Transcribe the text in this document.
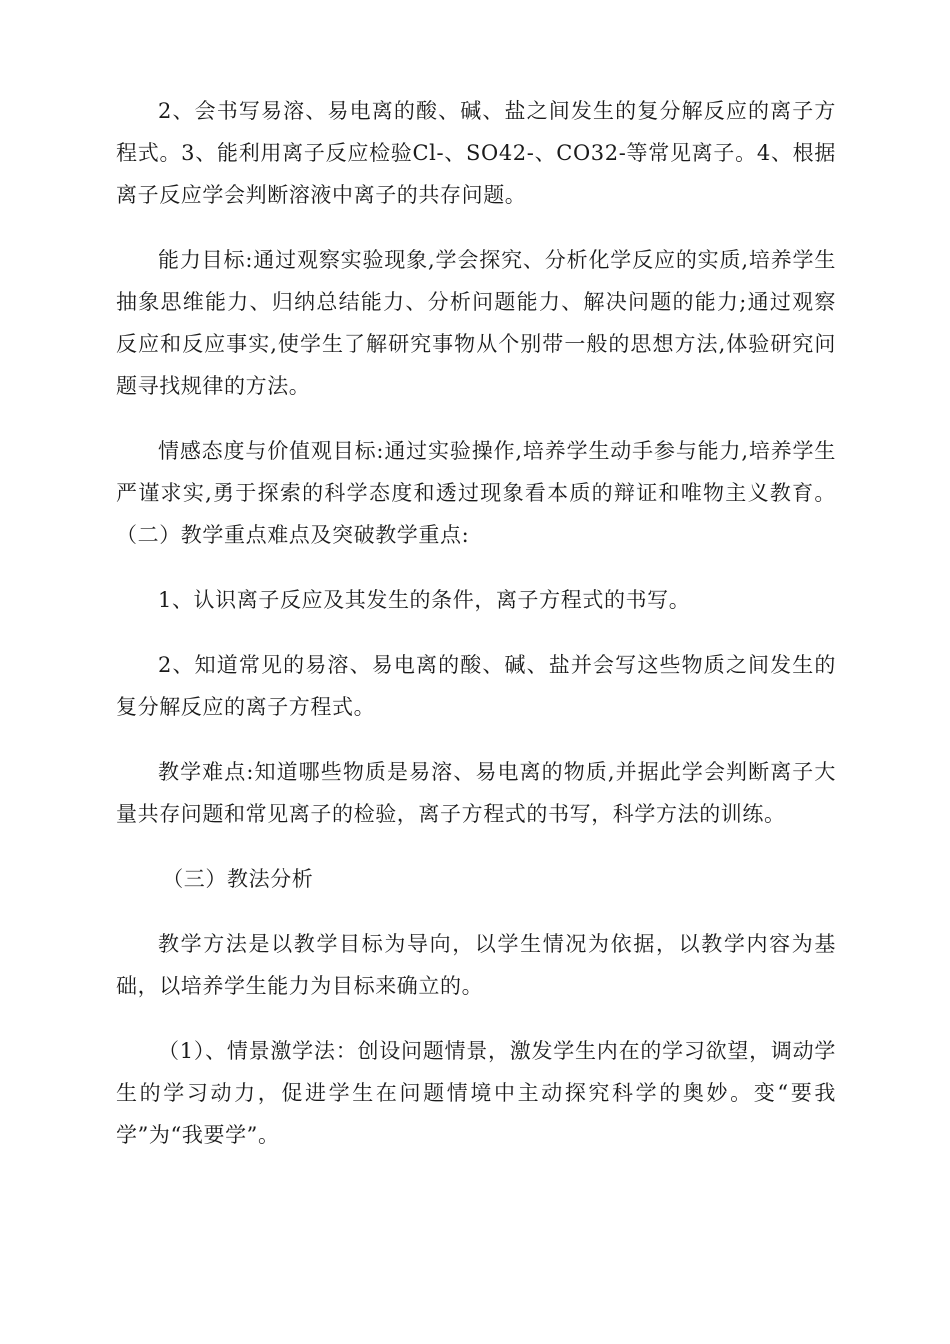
2、会书写易溶、易电离的酸、碱、盐之间发生的复分解反应的离子方程式。3、能利用离子反应检验Cl-、SO42-、CO32-等常见离子。4、根据离子反应学会判断溶液中离子的共存问题。

能力目标:通过观察实验现象,学会探究、分析化学反应的实质,培养学生抽象思维能力、归纳总结能力、分析问题能力、解决问题的能力;通过观察反应和反应事实,使学生了解研究事物从个别带一般的思想方法,体验研究问题寻找规律的方法。

情感态度与价值观目标:通过实验操作,培养学生动手参与能力,培养学生严谨求实,勇于探索的科学态度和透过现象看本质的辩证和唯物主义教育。（二）教学重点难点及突破教学重点:

1、认识离子反应及其发生的条件，离子方程式的书写。

2、知道常见的易溶、易电离的酸、碱、盐并会写这些物质之间发生的复分解反应的离子方程式。

教学难点:知道哪些物质是易溶、易电离的物质,并据此学会判断离子大量共存问题和常见离子的检验，离子方程式的书写，科学方法的训练。

（三）教法分析

教学方法是以教学目标为导向，以学生情况为依据，以教学内容为基础，以培养学生能力为目标来确立的。

（1）、情景激学法：创设问题情景，激发学生内在的学习欲望，调动学生的学习动力，促进学生在问题情境中主动探究科学的奥妙。变“要我学”为“我要学”。
